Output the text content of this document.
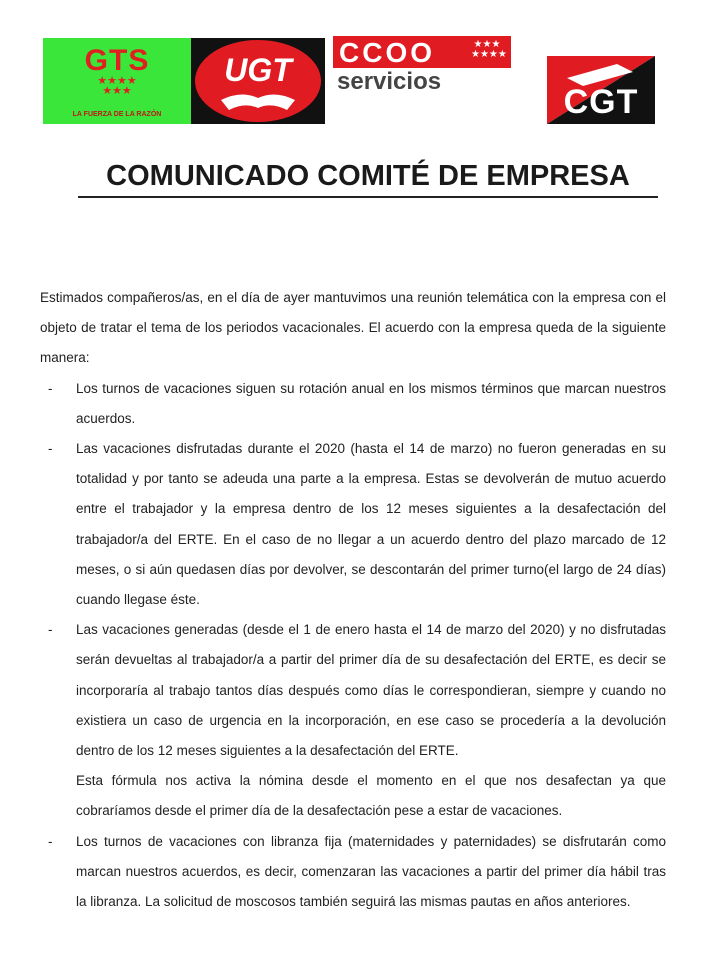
GTS
★★★★
★★★
LA FUERZA DE LA RAZÓN
UGT	CCOO	★★★
★★★★
servicios
CGT
COMUNICADO COMITÉ DE EMPRESA

Estimados compañeros/as, en el día de ayer mantuvimos una reunión telemática con la empresa con el objeto de tratar el tema de los periodos vacacionales. El acuerdo con la empresa queda de la siguiente manera:

- Los turnos de vacaciones siguen su rotación anual en los mismos términos que marcan nuestros acuerdos.
- Las vacaciones disfrutadas durante el 2020 (hasta el 14 de marzo) no fueron generadas en su totalidad y por tanto se adeuda una parte a la empresa. Estas se devolverán de mutuo acuerdo entre el trabajador y la empresa dentro de los 12 meses siguientes a la desafectación del trabajador/a del ERTE. En el caso de no llegar a un acuerdo dentro del plazo marcado de 12 meses, o si aún quedasen días por devolver, se descontarán del primer turno(el largo de 24 días) cuando llegase éste.
- Las vacaciones generadas (desde el 1 de enero hasta el 14 de marzo del 2020) y no disfrutadas serán devueltas al trabajador/a a partir del primer día de su desafectación del ERTE, es decir se incorporaría al trabajo tantos días después como días le correspondieran, siempre y cuando no existiera un caso de urgencia en la incorporación, en ese caso se procedería a la devolución dentro de los 12 meses siguientes a la desafectación del ERTE.

Esta fórmula nos activa la nómina desde el momento en el que nos desafectan ya que cobraríamos desde el primer día de la desafectación pese a estar de vacaciones.

- Los turnos de vacaciones con libranza fija (maternidades y paternidades) se disfrutarán como marcan nuestros acuerdos, es decir, comenzaran las vacaciones a partir del primer día hábil tras la libranza. La solicitud de moscosos también seguirá las mismas pautas en años anteriores.
